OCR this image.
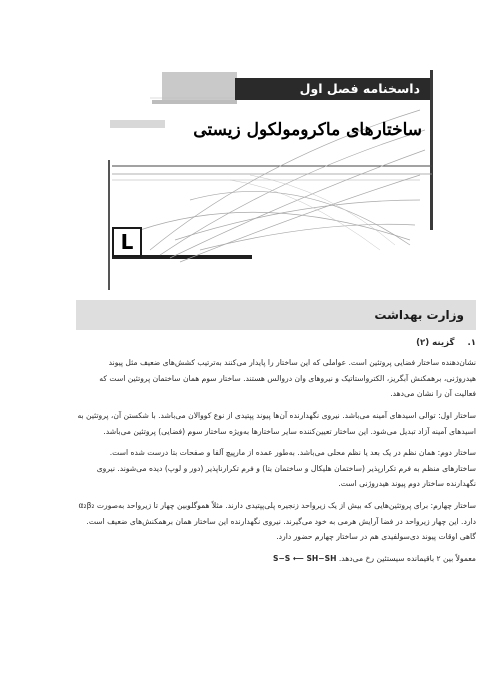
داسخنامه فصل اول
ساختارهای ماکرومولکول زیستی
L
وزارت بهداشت
۱. گزینه (۲)

نشان‌دهنده ساختار فضایی پروتئین است. عواملی که این ساختار را پایدار می‌کنند به‌ترتیب کشش‌های ضعیف مثل پیوند هیدروژنی، برهمکنش آبگریز، الکترواستاتیک و نیروهای وان دروالس هستند. ساختار سوم همان ساختمان پروتئین است که فعالیت آن را نشان می‌دهد.

ساختار اول: توالی اسیدهای آمینه می‌باشد. نیروی نگهدارنده آن‌ها پیوند پپتیدی از نوع کووالان می‌باشد. با شکستن آن، پروتئین به اسیدهای آمینه آزاد تبدیل می‌شود. این ساختار تعیین‌کننده سایر ساختارها به‌ویژه ساختار سوم (فضایی) پروتئین می‌باشد.

ساختار دوم: همان نظم در یک بعد یا نظم محلی می‌باشد. به‌طور عمده از مارپیچ آلفا و صفحات بتا درست شده است. ساختارهای منظم به فرم تکرارپذیر (ساختمان هلیکال و ساختمان بتا) و فرم تکرارناپذیر (دور و لوپ) دیده می‌شوند. نیروی نگهدارنده ساختار دوم پیوند هیدروژنی است.

ساختار چهارم: برای پروتئین‌هایی که بیش از یک زیرواحد زنجیره پلی‌پپتیدی دارند. مثلاً هموگلوبین چهار تا زیرواحد به‌صورت α₂β₂ دارد. این چهار زیرواحد در فضا آرایش هرمی به خود می‌گیرند. نیروی نگهدارنده این ساختار همان برهمکنش‌های ضعیف است. گاهی اوقات پیوند دی‌سولفیدی هم در ساختار چهارم حضور دارد.

معمولاً بین ۲ باقیمانده سیستئین رخ می‌دهد. S−S ⟵ SH−SH
